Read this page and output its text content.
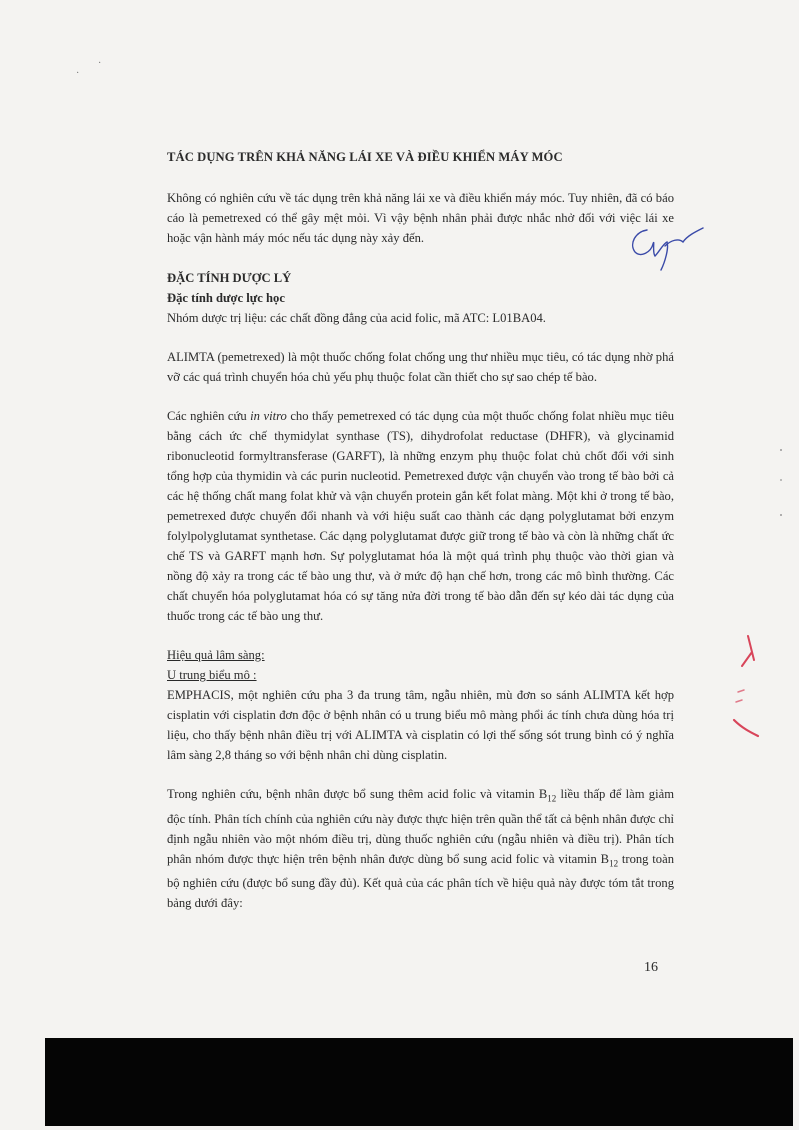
·
·

TÁC DỤNG TRÊN KHẢ NĂNG LÁI XE VÀ ĐIỀU KHIỂN MÁY MÓC

Không có nghiên cứu về tác dụng trên khả năng lái xe và điều khiển máy móc. Tuy nhiên, đã có báo cáo là pemetrexed có thể gây mệt mỏi. Vì vậy bệnh nhân phải được nhắc nhở đối với việc lái xe hoặc vận hành máy móc nếu tác dụng này xảy đến.

ĐẶC TÍNH DƯỢC LÝ

Đặc tính dược lực học

Nhóm dược trị liệu: các chất đồng đẳng của acid folic, mã ATC: L01BA04.

ALIMTA (pemetrexed) là một thuốc chống folat chống ung thư nhiều mục tiêu, có tác dụng nhờ phá vỡ các quá trình chuyển hóa chủ yếu phụ thuộc folat cần thiết cho sự sao chép tế bào.

Các nghiên cứu in vitro cho thấy pemetrexed có tác dụng của một thuốc chống folat nhiều mục tiêu bằng cách ức chế thymidylat synthase (TS), dihydrofolat reductase (DHFR), và glycinamid ribonucleotid formyltransferase (GARFT), là những enzym phụ thuộc folat chủ chốt đối với sinh tổng hợp của thymidin và các purin nucleotid. Pemetrexed được vận chuyển vào trong tế bào bởi cả các hệ thống chất mang folat khử và vận chuyển protein gắn kết folat màng. Một khi ở trong tế bào, pemetrexed được chuyển đổi nhanh và với hiệu suất cao thành các dạng polyglutamat bởi enzym folylpolyglutamat synthetase. Các dạng polyglutamat được giữ trong tế bào và còn là những chất ức chế TS và GARFT mạnh hơn. Sự polyglutamat hóa là một quá trình phụ thuộc vào thời gian và nồng độ xảy ra trong các tế bào ung thư, và ở mức độ hạn chế hơn, trong các mô bình thường. Các chất chuyển hóa polyglutamat hóa có sự tăng nửa đời trong tế bào dẫn đến sự kéo dài tác dụng của thuốc trong các tế bào ung thư.

Hiệu quả lâm sàng:

U trung biểu mô :

EMPHACIS, một nghiên cứu pha 3 đa trung tâm, ngẫu nhiên, mù đơn so sánh ALIMTA kết hợp cisplatin với cisplatin đơn độc ở bệnh nhân có u trung biểu mô màng phổi ác tính chưa dùng hóa trị liệu, cho thấy bệnh nhân điều trị với ALIMTA và cisplatin có lợi thế sống sót trung bình có ý nghĩa lâm sàng 2,8 tháng so với bệnh nhân chỉ dùng cisplatin.

Trong nghiên cứu, bệnh nhân được bổ sung thêm acid folic và vitamin $B_{12}$ liều thấp để làm giảm độc tính. Phân tích chính của nghiên cứu này được thực hiện trên quần thể tất cả bệnh nhân được chỉ định ngẫu nhiên vào một nhóm điều trị, dùng thuốc nghiên cứu (ngẫu nhiên và điều trị). Phân tích phân nhóm được thực hiện trên bệnh nhân được dùng bổ sung acid folic và vitamin $B_{12}$ trong toàn bộ nghiên cứu (được bổ sung đầy đủ). Kết quả của các phân tích về hiệu quả này được tóm tắt trong bảng dưới đây:

16
